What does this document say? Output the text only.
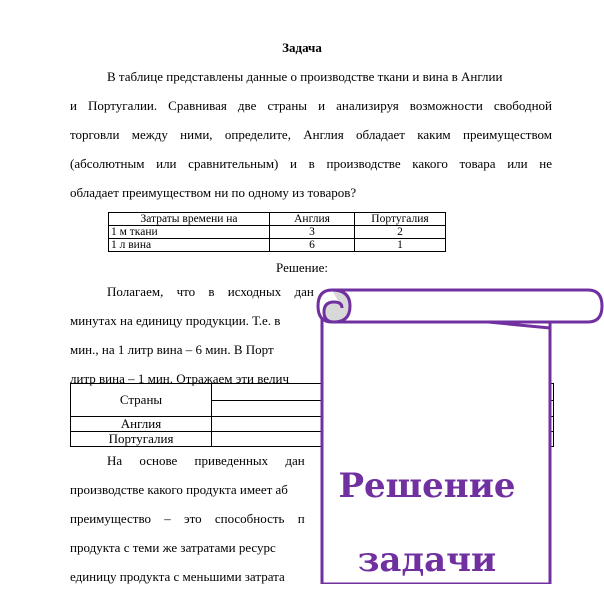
Задача
В таблице представлены данные о производстве ткани и вина в Англии
и Португалии. Сравнивая две страны и анализируя возможности свободной
торговли между ними, определите, Англия обладает каким преимуществом
(абсолютным или сравнительным) и в производстве какого товара или не
обладает преимуществом ни по одному из товаров?
Затраты времени на	Англия	Португалия
1 м ткани	3	2
1 л вина	6	1
Решение:
Полагаем, что в исходных дан
минутах на единицу продукции. Т.е. в
мин., на 1 литр вина – 6 мин. В Порт
литр вина – 1 мин. Отражаем эти велич
Страны	

Англия	
Португалия	
На основе приведенных дан
производстве какого продукта имеет аб
преимущество – это способность п
продукта с теми же затратами ресурс
единицу продукта с меньшими затрата
Решение
задачи
